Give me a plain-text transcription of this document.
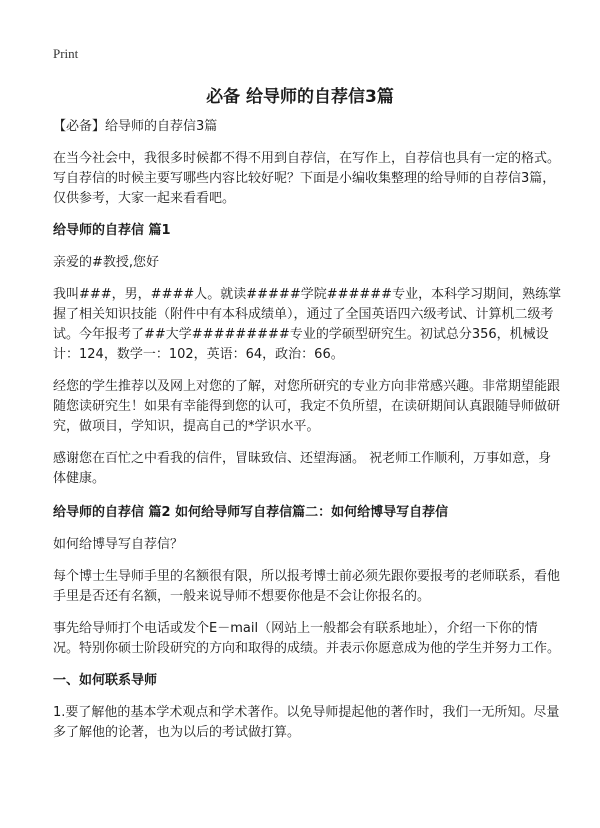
Print
必备 给导师的自荐信3篇

【必备】给导师的自荐信3篇

在当今社会中，我很多时候都不得不用到自荐信，在写作上，自荐信也具有一定的格式。写自荐信的时候主要写哪些内容比较好呢？下面是小编收集整理的给导师的自荐信3篇，仅供参考，大家一起来看看吧。

给导师的自荐信 篇1

亲爱的#教授,您好

我叫###，男，####人。就读#####学院######专业，本科学习期间，熟练掌握了相关知识技能（附件中有本科成绩单），通过了全国英语四六级考试、计算机二级考试。今年报考了##大学#########专业的学硕型研究生。初试总分356，机械设计：124，数学一：102，英语：64，政治：66。

经您的学生推荐以及网上对您的了解，对您所研究的专业方向非常感兴趣。非常期望能跟随您读研究生！如果有幸能得到您的认可，我定不负所望，在读研期间认真跟随导师做研究，做项目，学知识，提高自己的*学识水平。

感谢您在百忙之中看我的信件，冒昧致信、还望海涵。 祝老师工作顺利，万事如意，身体健康。

给导师的自荐信 篇2 如何给导师写自荐信篇二：如何给博导写自荐信

如何给博导写自荐信？

每个博士生导师手里的名额很有限，所以报考博士前必须先跟你要报考的老师联系，看他手里是否还有名额，一般来说导师不想要你他是不会让你报名的。

事先给导师打个电话或发个E－mail（网站上一般都会有联系地址），介绍一下你的情况。特别你硕士阶段研究的方向和取得的成绩。并表示你愿意成为他的学生并努力工作。

一、如何联系导师

1.要了解他的基本学术观点和学术著作。以免导师提起他的著作时，我们一无所知。尽量多了解他的论著，也为以后的考试做打算。
